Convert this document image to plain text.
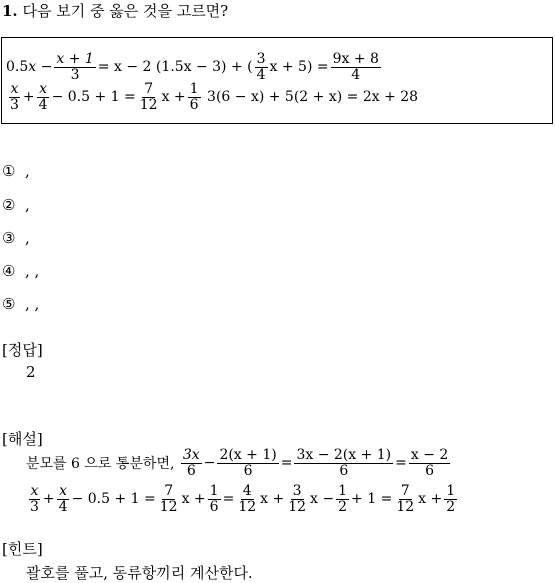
1. 다음 보기 중 옳은 것을 고르면?
0.5 x
− $\frac{x + 1}{3} = x - 2$
(1.5x − 3) + ( $\frac{3}{4}$ $x + 5) = \frac{9x + 8}{4}$
$\frac{x}{3} + \frac{x}{4} - 0.5 + 1 = \frac{7}{12}$ $x + \frac{1}{6}$
3(6 − x) + 5(2 + x) = 2x + 28
① ,
② ,
③ ,
④ , ,
⑤ , ,
[정답]
2
[해설]
분모를 6 으로 통분하면,
$\frac{3x}{6} - \frac{2(x + 1)}{6} = \frac{3x - 2(x + 1)}{6} = \frac{x - 2}{6}$
$\frac{x}{3} + \frac{x}{4} - 0.5 + 1 = \frac{7}{12}$ $x + \frac{1}{6} = \frac{4}{12}$ $x + \frac{3}{12}$ $x - \frac{1}{2} + 1 = \frac{7}{12}$ $x + \frac{1}{2}$
[힌트]
괄호를 풀고, 동류항끼리 계산한다.
